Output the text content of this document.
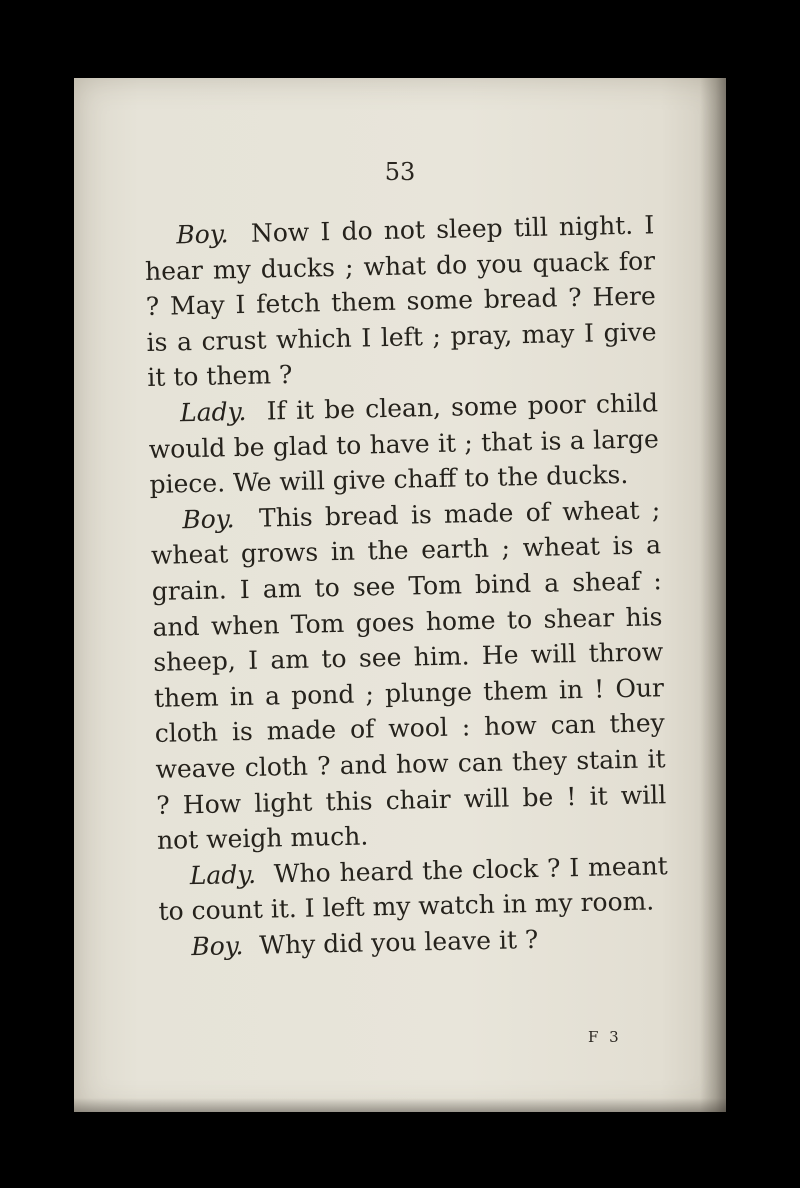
53

Boy. Now I do not sleep till night. I hear my ducks ; what do you quack for ? May I fetch them some bread ? Here is a crust which I left ; pray, may I give it to them ?

Lady. If it be clean, some poor child would be glad to have it ; that is a large piece. We will give chaff to the ducks.

Boy. This bread is made of wheat ; wheat grows in the earth ; wheat is a grain. I am to see Tom bind a sheaf : and when Tom goes home to shear his sheep, I am to see him. He will throw them in a pond ; plunge them in ! Our cloth is made of wool : how can they weave cloth ? and how can they stain it ? How light this chair will be ! it will not weigh much.

Lady. Who heard the clock ? I meant to count it. I left my watch in my room.

Boy. Why did you leave it ?

F 3
